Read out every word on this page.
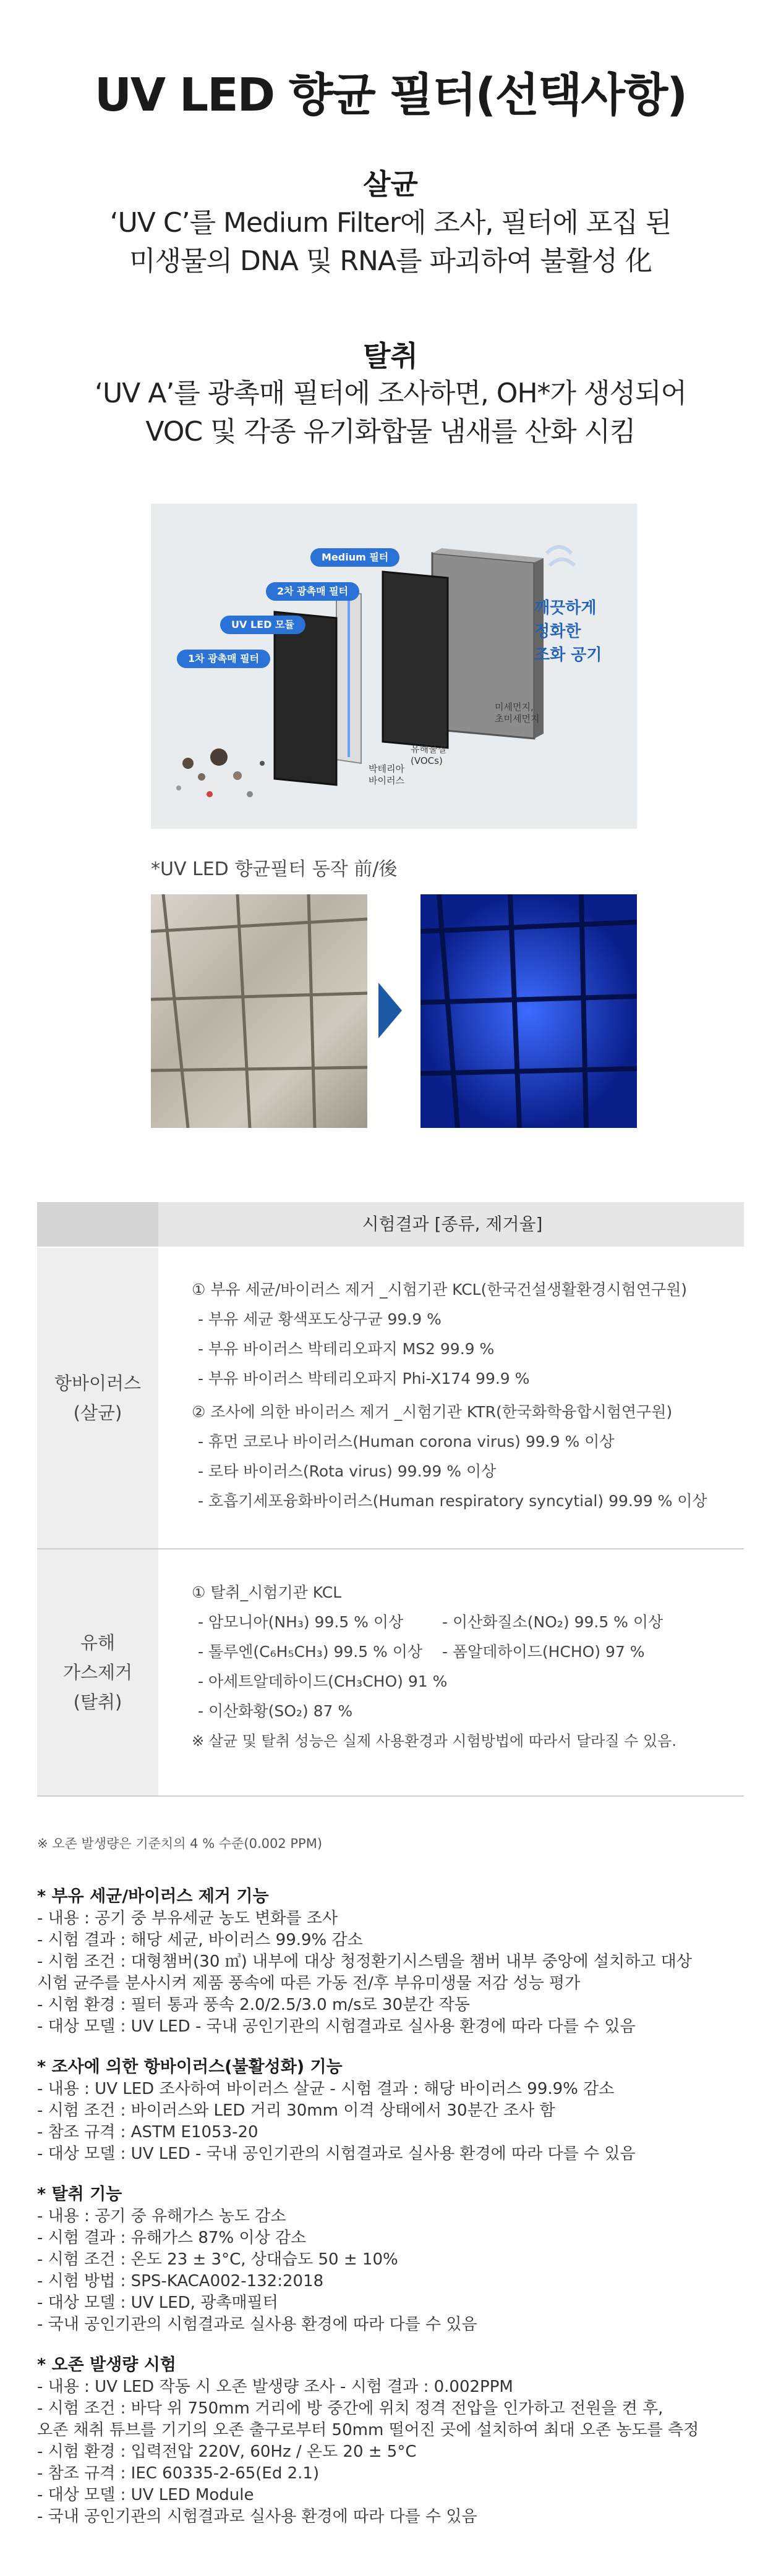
UV LED 향균 필터(선택사항)
살균
‘UV C’를 Medium Filter에 조사, 필터에 포집 된
미생물의 DNA 및 RNA를 파괴하여 불활성 化
탈취
‘UV A’를 광촉매 필터에 조사하면, OH*가 생성되어
VOC 및 각종 유기화합물 냄새를 산화 시킴
Medium 필터
2차 광촉매 필터
UV LED 모듈
1차 광촉매 필터
미세먼지,
초미세먼지
유해물질
(VOCs)
박테리아
바이러스
깨끗하게
정화한
조화 공기
*UV LED 향균필터 동작 前/後
시험결과 [종류, 제거율]
항바이러스
(살균)
① 부유 세균/바이러스 제거 _시험기관 KCL(한국건설생활환경시험연구원)
- 부유 세균 황색포도상구균 99.9 %
- 부유 바이러스 박테리오파지 MS2 99.9 %
- 부유 바이러스 박테리오파지 Phi-X174 99.9 %
② 조사에 의한 바이러스 제거 _시험기관 KTR(한국화학융합시험연구원)
- 휴먼 코로나 바이러스(Human corona virus) 99.9 % 이상
- 로타 바이러스(Rota virus) 99.99 % 이상
- 호흡기세포융화바이러스(Human respiratory syncytial) 99.99 % 이상
유해
가스제거
(탈취)
① 탈취_시험기관 KCL
- 암모니아(NH₃) 99.5 % 이상	- 이산화질소(NO₂) 99.5 % 이상
- 톨루엔(C₆H₅CH₃) 99.5 % 이상 - 폼알데하이드(HCHO) 97 %
- 아세트알데하이드(CH₃CHO) 91 %
- 이산화황(SO₂) 87 %
※ 살균 및 탈취 성능은 실제 사용환경과 시험방법에 따라서 달라질 수 있음.
※ 오존 발생량은 기준치의 4 % 수준(0.002 PPM)
* 부유 세균/바이러스 제거 기능
- 내용 : 공기 중 부유세균 농도 변화를 조사
- 시험 결과 : 해당 세균, 바이러스 99.9% 감소
- 시험 조건 : 대형챔버(30 ㎥) 내부에 대상 청정환기시스템을 챔버 내부 중앙에 설치하고 대상
시험 균주를 분사시켜 제품 풍속에 따른 가동 전/후 부유미생물 저감 성능 평가
- 시험 환경 : 필터 통과 풍속 2.0/2.5/3.0 m/s로 30분간 작동
- 대상 모델 : UV LED - 국내 공인기관의 시험결과로 실사용 환경에 따라 다를 수 있음
* 조사에 의한 항바이러스(불활성화) 기능
- 내용 : UV LED 조사하여 바이러스 살균 - 시험 결과 : 해당 바이러스 99.9% 감소
- 시험 조건 : 바이러스와 LED 거리 30mm 이격 상태에서 30분간 조사 함
- 참조 규격 : ASTM E1053-20
- 대상 모델 : UV LED - 국내 공인기관의 시험결과로 실사용 환경에 따라 다를 수 있음
* 탈취 기능
- 내용 : 공기 중 유해가스 농도 감소
- 시험 결과 : 유해가스 87% 이상 감소
- 시험 조건 : 온도 23 ± 3°C, 상대습도 50 ± 10%
- 시험 방법 : SPS-KACA002-132:2018
- 대상 모델 : UV LED, 광촉매필터
- 국내 공인기관의 시험결과로 실사용 환경에 따라 다를 수 있음
* 오존 발생량 시험
- 내용 : UV LED 작동 시 오존 발생량 조사 - 시험 결과 : 0.002PPM
- 시험 조건 : 바닥 위 750mm 거리에 방 중간에 위치 정격 전압을 인가하고 전원을 켠 후,
오존 채취 튜브를 기기의 오존 출구로부터 50mm 떨어진 곳에 설치하여 최대 오존 농도를 측정
- 시험 환경 : 입력전압 220V, 60Hz / 온도 20 ± 5°C
- 참조 규격 : IEC 60335-2-65(Ed 2.1)
- 대상 모델 : UV LED Module
- 국내 공인기관의 시험결과로 실사용 환경에 따라 다를 수 있음
